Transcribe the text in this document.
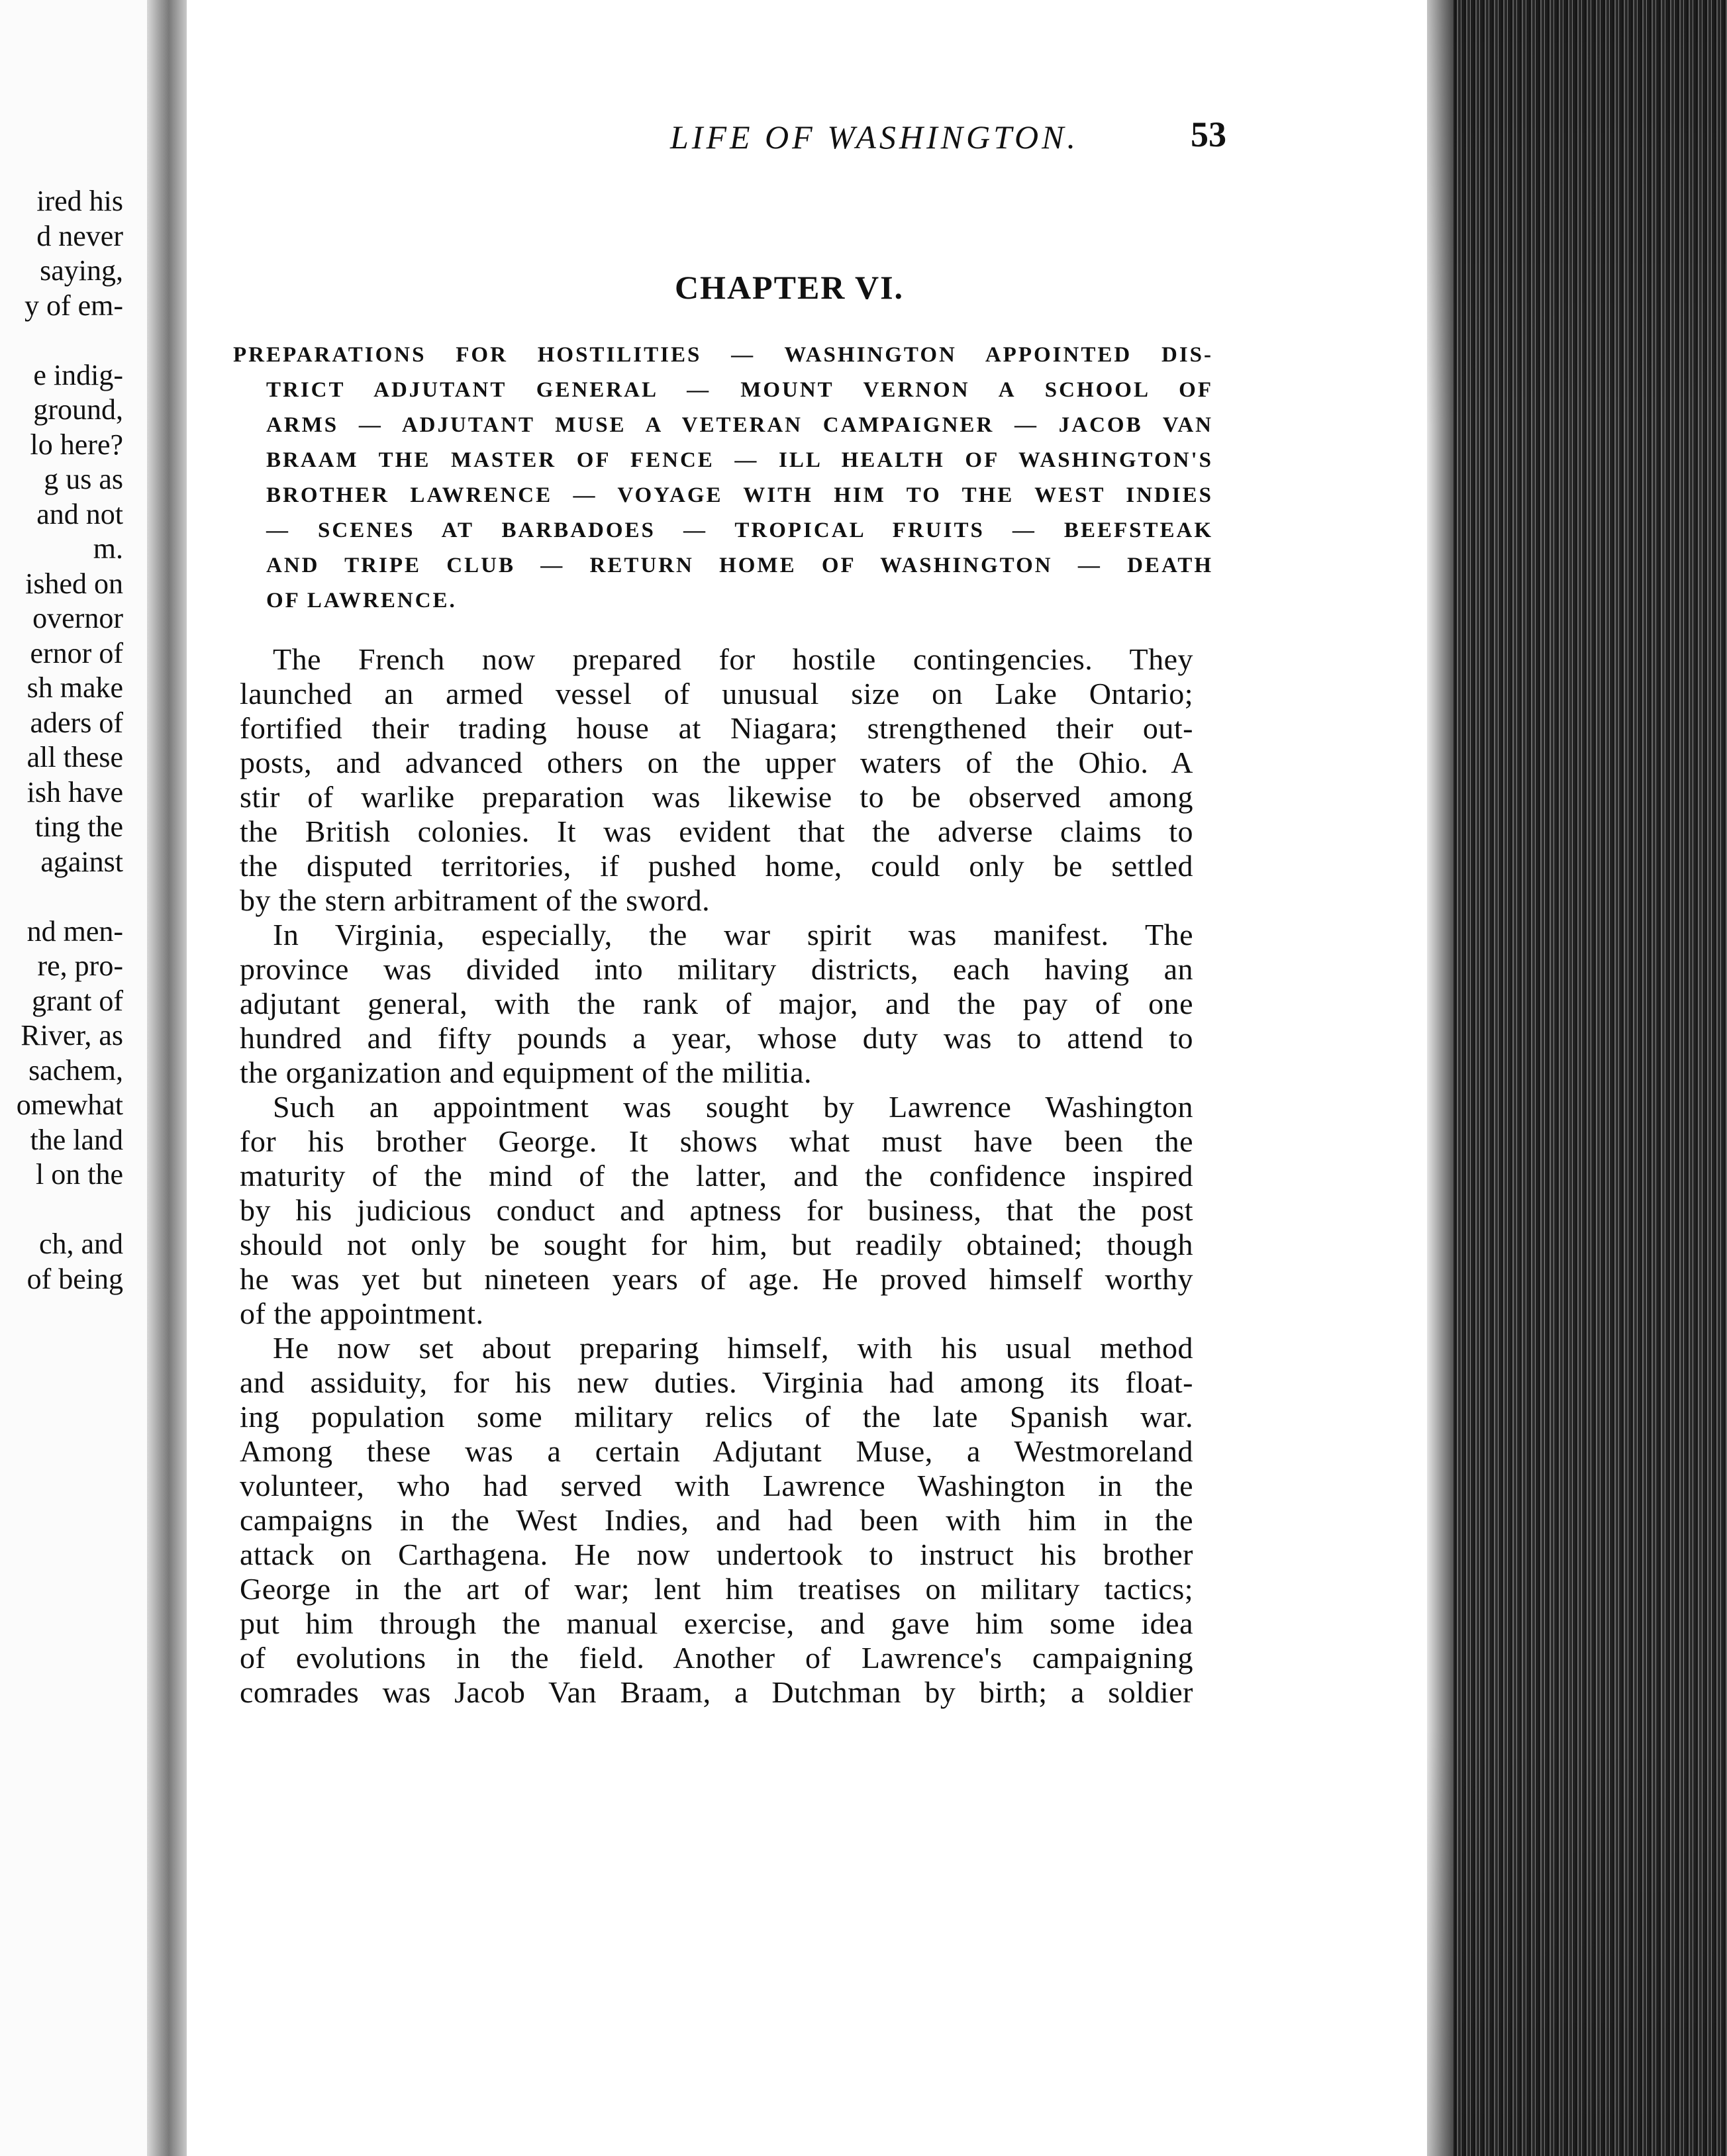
ired his
d never
saying,
y of em-
e indig-
ground,
lo here?
g us as
and not
m.
ished on
overnor
ernor of
sh make
aders of
all these
ish have
ting the
against
nd men-
re, pro-
grant of
River, as
sachem,
omewhat
the land
l on the
ch, and
of being
LIFE OF WASHINGTON.	53
CHAPTER VI.
PREPARATIONS FOR HOSTILITIES — WASHINGTON APPOINTED DIS-
TRICT ADJUTANT GENERAL — MOUNT VERNON A SCHOOL OF
ARMS — ADJUTANT MUSE A VETERAN CAMPAIGNER — JACOB VAN
BRAAM THE MASTER OF FENCE — ILL HEALTH OF WASHINGTON'S
BROTHER LAWRENCE — VOYAGE WITH HIM TO THE WEST INDIES
— SCENES AT BARBADOES — TROPICAL FRUITS — BEEFSTEAK
AND TRIPE CLUB — RETURN HOME OF WASHINGTON — DEATH
OF LAWRENCE.
The French now prepared for hostile contingencies. They
launched an armed vessel of unusual size on Lake Ontario;
fortified their trading house at Niagara; strengthened their out-
posts, and advanced others on the upper waters of the Ohio. A
stir of warlike preparation was likewise to be observed among
the British colonies. It was evident that the adverse claims to
the disputed territories, if pushed home, could only be settled
by the stern arbitrament of the sword.
In Virginia, especially, the war spirit was manifest. The
province was divided into military districts, each having an
adjutant general, with the rank of major, and the pay of one
hundred and fifty pounds a year, whose duty was to attend to
the organization and equipment of the militia.
Such an appointment was sought by Lawrence Washington
for his brother George. It shows what must have been the
maturity of the mind of the latter, and the confidence inspired
by his judicious conduct and aptness for business, that the post
should not only be sought for him, but readily obtained; though
he was yet but nineteen years of age. He proved himself worthy
of the appointment.
He now set about preparing himself, with his usual method
and assiduity, for his new duties. Virginia had among its float-
ing population some military relics of the late Spanish war.
Among these was a certain Adjutant Muse, a Westmoreland
volunteer, who had served with Lawrence Washington in the
campaigns in the West Indies, and had been with him in the
attack on Carthagena. He now undertook to instruct his brother
George in the art of war; lent him treatises on military tactics;
put him through the manual exercise, and gave him some idea
of evolutions in the field. Another of Lawrence's campaigning
comrades was Jacob Van Braam, a Dutchman by birth; a soldier
